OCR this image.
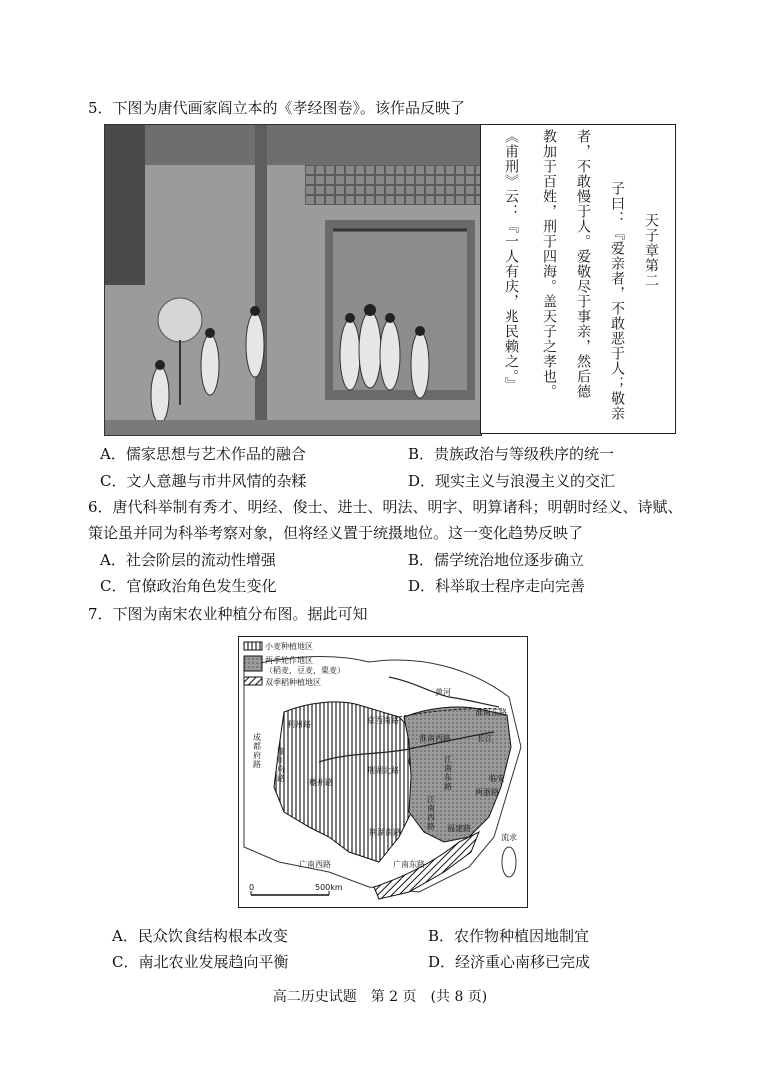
5．下图为唐代画家阎立本的《孝经图卷》。该作品反映了
天子章第二
子曰：『爱亲者，不敢恶于人；敬亲
者，不敢慢于人。爱敬尽于事亲，然后德
教加于百姓，刑于四海。盖天子之孝也。
《甫刑》云：『一人有庆，兆民赖之。』
A．儒家思想与艺术作品的融合	B．贵族政治与等级秩序的统一
C．文人意趣与市井风情的杂糅	D．现实主义与浪漫主义的交汇
6．唐代科举制有秀才、明经、俊士、进士、明法、明字、明算诸科；明朝时经义、诗赋、
策论虽并同为科举考察对象，但将经义置于统摄地位。这一变化趋势反映了
A．社会阶层的流动性增强	B．儒学统治地位逐步确立
C．官僚政治角色发生变化	D．科举取士程序走向完善
7．下图为南宋农业种植分布图。据此可知
小麦种植地区
两季轮作地区
（稻麦，豆麦，粟麦）
双季稻种植地区
黄河
淮南东路
利州路
成都府路
潼川府路
京西南路
淮南西路
夔州路
荆湖北路
长江
江南东路
两浙路
临安
江南西路
荆湖南路	福建路
广南西路	广南东路
流求
0	500km
A．民众饮食结构根本改变	B．农作物种植因地制宜
C．南北农业发展趋向平衡	D．经济重心南移已完成
高二历史试题　第 2 页　(共 8 页)
